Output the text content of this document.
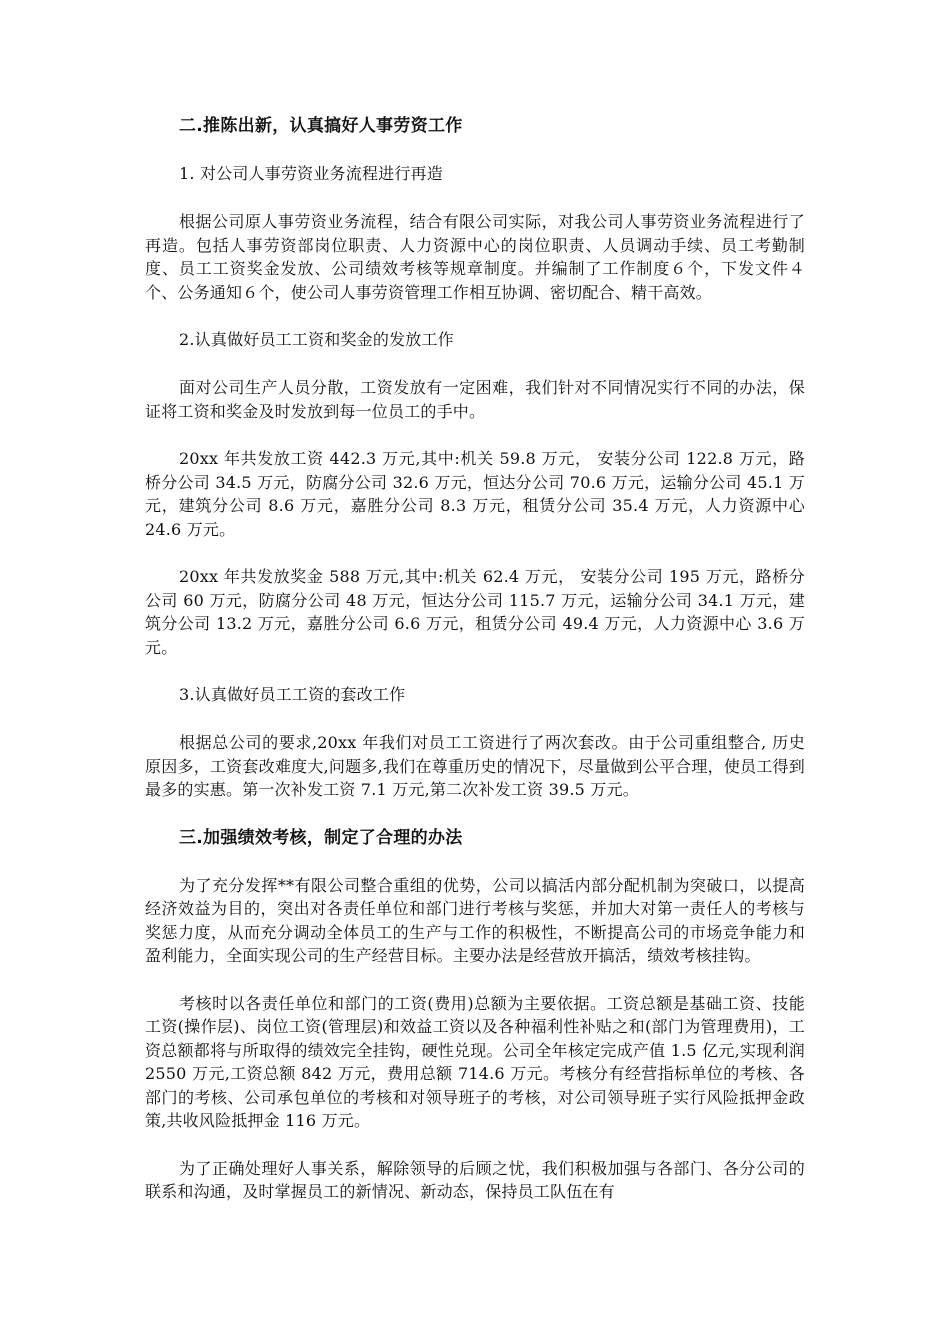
二.推陈出新，认真搞好人事劳资工作

1. 对公司人事劳资业务流程进行再造

根据公司原人事劳资业务流程，结合有限公司实际，对我公司人事劳资业务流程进行了再造。包括人事劳资部岗位职责、人力资源中心的岗位职责、人员调动手续、员工考勤制度、员工工资奖金发放、公司绩效考核等规章制度。并编制了工作制度６个，下发文件４个、公务通知６个，使公司人事劳资管理工作相互协调、密切配合、精干高效。

2.认真做好员工工资和奖金的发放工作

面对公司生产人员分散，工资发放有一定困难，我们针对不同情况实行不同的办法，保证将工资和奖金及时发放到每一位员工的手中。

20xx 年共发放工资 442.3 万元,其中:机关 59.8 万元， 安装分公司 122.8 万元，路桥分公司 34.5 万元，防腐分公司 32.6 万元，恒达分公司 70.6 万元，运输分公司 45.1 万元，建筑分公司 8.6 万元，嘉胜分公司 8.3 万元，租赁分公司 35.4 万元，人力资源中心 24.6 万元。

20xx 年共发放奖金 588 万元,其中:机关 62.4 万元， 安装分公司 195 万元，路桥分公司 60 万元，防腐分公司 48 万元，恒达分公司 115.7 万元，运输分公司 34.1 万元，建筑分公司 13.2 万元，嘉胜分公司 6.6 万元，租赁分公司 49.4 万元，人力资源中心 3.6 万元。

3.认真做好员工工资的套改工作

根据总公司的要求,20xx 年我们对员工工资进行了两次套改。由于公司重组整合, 历史原因多，工资套改难度大,问题多,我们在尊重历史的情况下，尽量做到公平合理，使员工得到最多的实惠。第一次补发工资 7.1 万元,第二次补发工资 39.5 万元。

三.加强绩效考核，制定了合理的办法

为了充分发挥**有限公司整合重组的优势，公司以搞活内部分配机制为突破口，以提高经济效益为目的，突出对各责任单位和部门进行考核与奖惩，并加大对第一责任人的考核与奖惩力度，从而充分调动全体员工的生产与工作的积极性，不断提高公司的市场竞争能力和盈利能力，全面实现公司的生产经营目标。主要办法是经营放开搞活，绩效考核挂钩。

考核时以各责任单位和部门的工资(费用)总额为主要依据。工资总额是基础工资、技能工资(操作层)、岗位工资(管理层)和效益工资以及各种福利性补贴之和(部门为管理费用)，工资总额都将与所取得的绩效完全挂钩，硬性兑现。公司全年核定完成产值 1.5 亿元,实现利润 2550 万元,工资总额 842 万元，费用总额 714.6 万元。考核分有经营指标单位的考核、各部门的考核、公司承包单位的考核和对领导班子的考核，对公司领导班子实行风险抵押金政策,共收风险抵押金 116 万元。

为了正确处理好人事关系，解除领导的后顾之忧，我们积极加强与各部门、各分公司的联系和沟通，及时掌握员工的新情况、新动态，保持员工队伍在有
